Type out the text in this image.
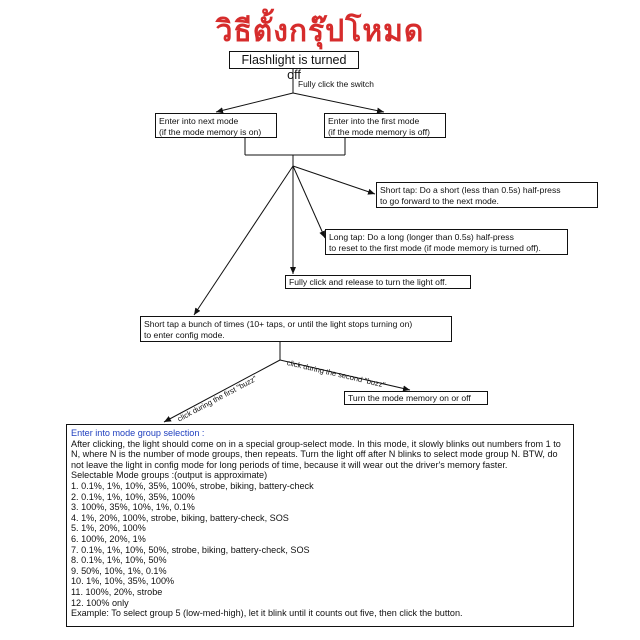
วิธีตั้งกรุ๊ปโหมด
Flashlight is turned off
Fully click the switch
Enter into next mode
(if the mode memory is on)
Enter into the first mode
(if the mode memory is off)
Short tap: Do a short (less than 0.5s) half-press
to go forward to the next mode.
Long tap: Do a long (longer than 0.5s) half-press
to reset to the first mode (if mode memory is turned off).
Fully click and release to turn the light off.
Short tap a bunch of times (10+ taps, or until the light stops turning on)
to enter config mode.
click during the first "buzz"
click during the second "buzz"
Turn the mode memory on or off

Enter into mode group selection :

After clicking, the light should come on in a special group-select mode. In this mode, it slowly blinks out numbers from 1 to N, where N is the number of mode groups, then repeats. Turn the light off after N blinks to select mode group N. BTW, do not leave the light in config mode for long periods of time, because it will wear out the driver's memory faster.

Selectable Mode groups :(output is approximate)

1. 0.1%, 1%, 10%, 35%, 100%, strobe, biking, battery-check
2. 0.1%, 1%, 10%, 35%, 100%
3. 100%, 35%, 10%, 1%, 0.1%
4. 1%, 20%, 100%, strobe, biking, battery-check, SOS
5. 1%, 20%, 100%
6. 100%, 20%, 1%
7. 0.1%, 1%, 10%, 50%, strobe, biking, battery-check, SOS
8. 0.1%, 1%, 10%, 50%
9. 50%, 10%, 1%, 0.1%
10. 1%, 10%, 35%, 100%
11. 100%, 20%, strobe
12. 100% only

Example: To select group 5 (low-med-high), let it blink until it counts out five, then click the button.
